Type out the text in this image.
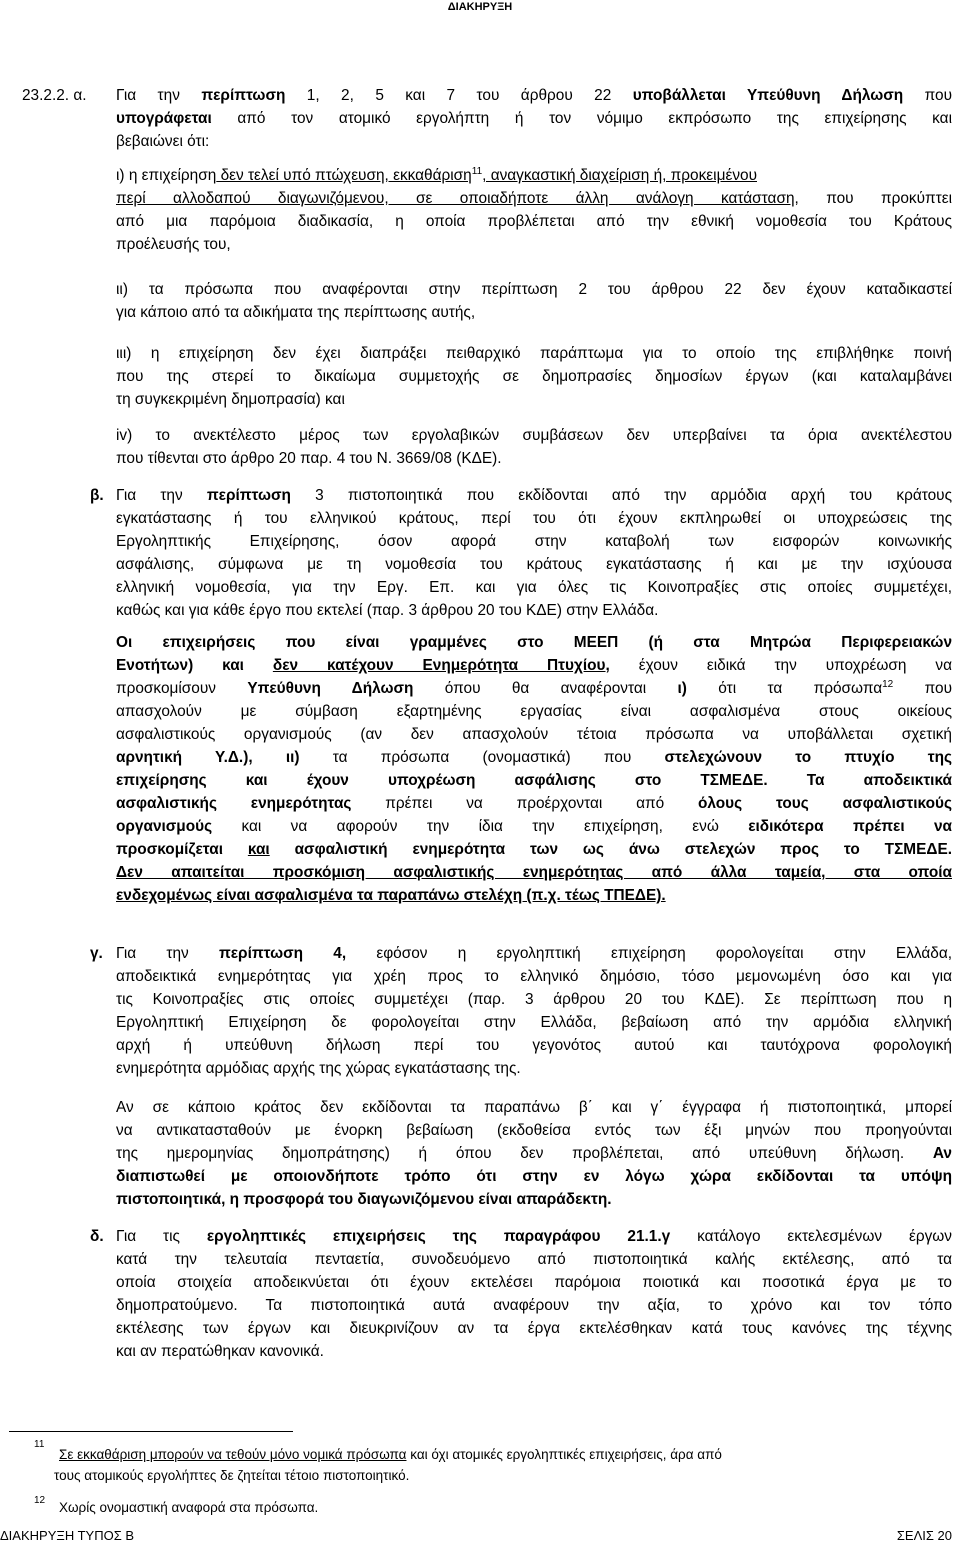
ΔΙΑΚΗΡΥΞΗ
23.2.2. α. Για την περίπτωση 1, 2, 5 και 7 του άρθρου 22 υποβάλλεται Υπεύθυνη Δήλωση που
υπογράφεται από τον ατομικό εργολήπτη ή τον νόμιμο εκπρόσωπο της επιχείρησης και
βεβαιώνει ότι:
ι) η επιχείρηση δεν τελεί υπό πτώχευση, εκκαθάριση$^{11}$, αναγκαστική διαχείριση ή, προκειμένου
περί αλλοδαπού διαγωνιζόμενου, σε οποιαδήποτε άλλη ανάλογη κατάσταση, που προκύπτει
από μια παρόμοια διαδικασία, η οποία προβλέπεται από την εθνική νομοθεσία του Κράτους
προέλευσής του,
ιι) τα πρόσωπα που αναφέρονται στην περίπτωση 2 του άρθρου 22 δεν έχουν καταδικαστεί
για κάποιο από τα αδικήματα της περίπτωσης αυτής,
ιιι) η επιχείρηση δεν έχει διαπράξει πειθαρχικό παράπτωμα για το οποίο της επιβλήθηκε ποινή
που της στερεί το δικαίωμα συμμετοχής σε δημοπρασίες δημοσίων έργων (και καταλαμβάνει
τη συγκεκριμένη δημοπρασία) και
iv) το ανεκτέλεστο μέρος των εργολαβικών συμβάσεων δεν υπερβαίνει τα όρια ανεκτέλεστου
που τίθενται στο άρθρο 20 παρ. 4 του Ν. 3669/08 (ΚΔΕ).
β. Για την περίπτωση 3 πιστοποιητικά που εκδίδονται από την αρμόδια αρχή του κράτους
εγκατάστασης ή του ελληνικού κράτους, περί του ότι έχουν εκπληρωθεί οι υποχρεώσεις της
Εργοληπτικής Επιχείρησης, όσον αφορά στην καταβολή των εισφορών κοινωνικής
ασφάλισης, σύμφωνα με τη νομοθεσία του κράτους εγκατάστασης ή και με την ισχύουσα
ελληνική νομοθεσία, για την Εργ. Επ. και για όλες τις Κοινοπραξίες στις οποίες συμμετέχει,
καθώς και για κάθε έργο που εκτελεί (παρ. 3 άρθρου 20 του ΚΔΕ) στην Ελλάδα.
Οι επιχειρήσεις που είναι γραμμένες στο ΜΕΕΠ (ή στα Μητρώα Περιφερειακών
Ενοτήτων) και δεν κατέχουν Ενημερότητα Πτυχίου, έχουν ειδικά την υποχρέωση να
προσκομίσουν Υπεύθυνη Δήλωση όπου θα αναφέρονται ι) ότι τα πρόσωπα$^{12}$ που
απασχολούν με σύμβαση εξαρτημένης εργασίας είναι ασφαλισμένα στους οικείους
ασφαλιστικούς οργανισμούς (αν δεν απασχολούν τέτοια πρόσωπα να υποβάλλεται σχετική
αρνητική Υ.Δ.), ιι) τα πρόσωπα (ονομαστικά) που στελεχώνουν το πτυχίο της
επιχείρησης και έχουν υποχρέωση ασφάλισης στο ΤΣΜΕΔΕ. Τα αποδεικτικά
ασφαλιστικής ενημερότητας πρέπει να προέρχονται από όλους τους ασφαλιστικούς
οργανισμούς και να αφορούν την ίδια την επιχείρηση, ενώ ειδικότερα πρέπει να
προσκομίζεται και ασφαλιστική ενημερότητα των ως άνω στελεχών προς το ΤΣΜΕΔΕ.
Δεν απαιτείται προσκόμιση ασφαλιστικής ενημερότητας από άλλα ταμεία, στα οποία
ενδεχομένως είναι ασφαλισμένα τα παραπάνω στελέχη (π.χ. τέως ΤΠΕΔΕ).
γ. Για την περίπτωση 4, εφόσον η εργοληπτική επιχείρηση φορολογείται στην Ελλάδα,
αποδεικτικά ενημερότητας για χρέη προς το ελληνικό δημόσιο, τόσο μεμονωμένη όσο και για
τις Κοινοπραξίες στις οποίες συμμετέχει (παρ. 3 άρθρου 20 του ΚΔΕ). Σε περίπτωση που η
Εργοληπτική Επιχείρηση δε φορολογείται στην Ελλάδα, βεβαίωση από την αρμόδια ελληνική
αρχή ή υπεύθυνη δήλωση περί του γεγονότος αυτού και ταυτόχρονα φορολογική
ενημερότητα αρμόδιας αρχής της χώρας εγκατάστασης της.
Αν σε κάποιο κράτος δεν εκδίδονται τα παραπάνω β΄ και γ΄ έγγραφα ή πιστοποιητικά, μπορεί
να αντικατασταθούν με ένορκη βεβαίωση (εκδοθείσα εντός των έξι μηνών που προηγούνται
της ημερομηνίας δημοπράτησης) ή όπου δεν προβλέπεται, από υπεύθυνη δήλωση. Αν
διαπιστωθεί με οποιονδήποτε τρόπο ότι στην εν λόγω χώρα εκδίδονται τα υπόψη
πιστοποιητικά, η προσφορά του διαγωνιζόμενου είναι απαράδεκτη.
δ. Για τις εργοληπτικές επιχειρήσεις της παραγράφου 21.1.γ κατάλογο εκτελεσμένων έργων
κατά την τελευταία πενταετία, συνοδευόμενο από πιστοποιητικά καλής εκτέλεσης, από τα
οποία στοιχεία αποδεικνύεται ότι έχουν εκτελέσει παρόμοια ποιοτικά και ποσοτικά έργα με το
δημοπρατούμενο. Τα πιστοποιητικά αυτά αναφέρουν την αξία, το χρόνο και τον τόπο
εκτέλεσης των έργων και διευκρινίζουν αν τα έργα εκτελέσθηκαν κατά τους κανόνες της τέχνης
και αν περατώθηκαν κανονικά.
11
Σε εκκαθάριση μπορούν να τεθούν μόνο νομικά πρόσωπα και όχι ατομικές εργοληπτικές επιχειρήσεις, άρα από
τους ατομικούς εργολήπτες δε ζητείται τέτοιο πιστοποιητικό.
12 Χωρίς ονομαστική αναφορά στα πρόσωπα.
ΔΙΑΚΗΡΥΞΗ ΤΥΠΟΣ Β	ΣΕΛΙΣ 20
